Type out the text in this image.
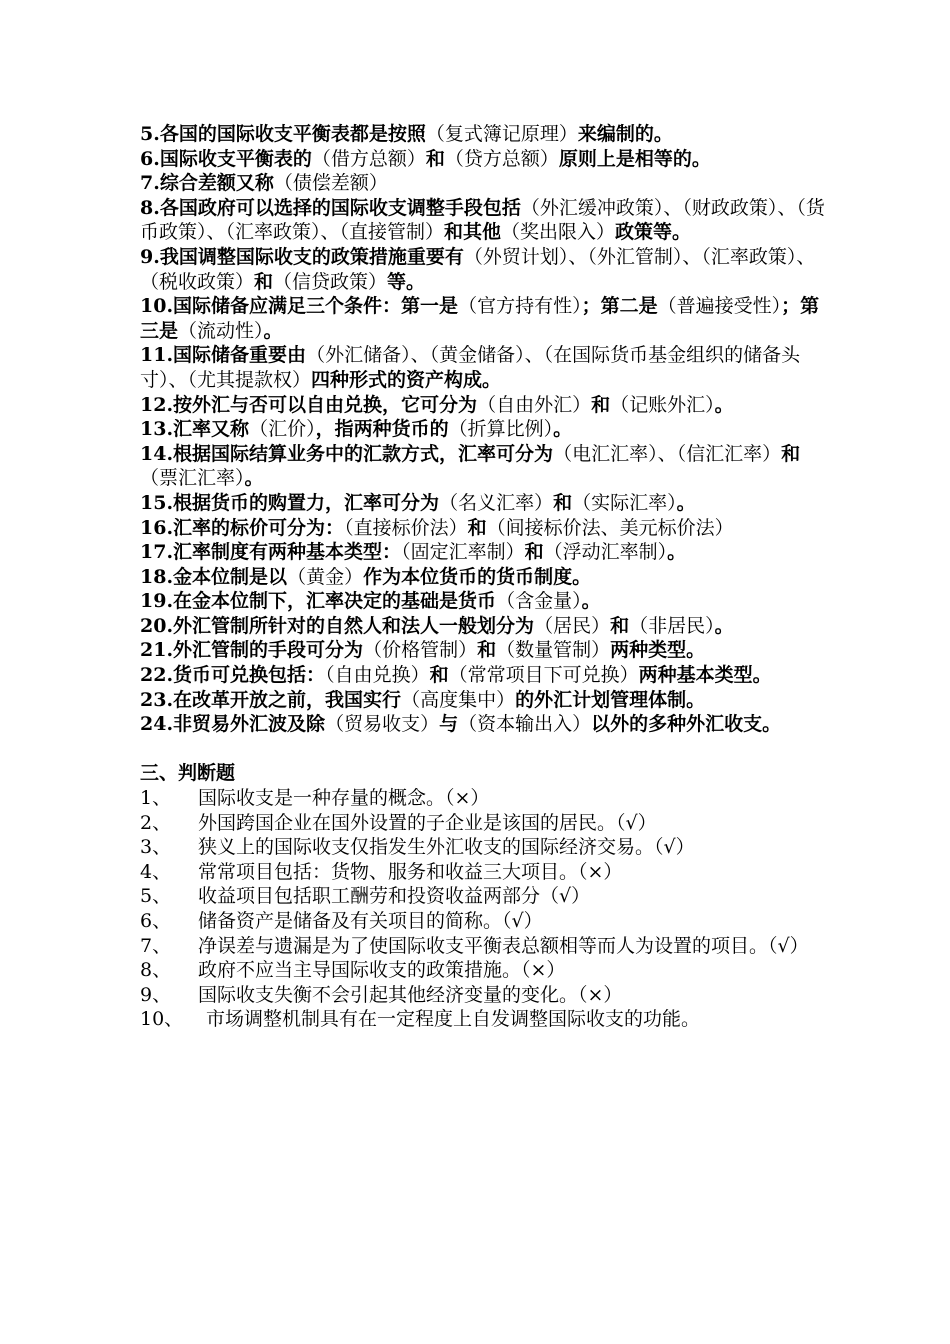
5.各国的国际收支平衡表都是按照（复式簿记原理）来编制的。

6.国际收支平衡表的（借方总额）和（贷方总额）原则上是相等的。

7.综合差额又称（债偿差额）

8.各国政府可以选择的国际收支调整手段包括（外汇缓冲政策）、（财政政策）、（货币政策）、（汇率政策）、（直接管制）和其他（奖出限入）政策等。

9.我国调整国际收支的政策措施重要有（外贸计划）、（外汇管制）、（汇率政策）、（税收政策）和（信贷政策）等。

10.国际储备应满足三个条件：第一是（官方持有性）；第二是（普遍接受性）；第三是（流动性）。

11.国际储备重要由（外汇储备）、（黄金储备）、（在国际货币基金组织的储备头寸）、（尤其提款权）四种形式的资产构成。

12.按外汇与否可以自由兑换，它可分为（自由外汇）和（记账外汇）。

13.汇率又称（汇价），指两种货币的（折算比例）。

14.根据国际结算业务中的汇款方式，汇率可分为（电汇汇率）、（信汇汇率）和（票汇汇率）。

15.根据货币的购置力，汇率可分为（名义汇率）和（实际汇率）。

16.汇率的标价可分为：（直接标价法）和（间接标价法、美元标价法）

17.汇率制度有两种基本类型：（固定汇率制）和（浮动汇率制）。

18.金本位制是以（黄金）作为本位货币的货币制度。

19.在金本位制下，汇率决定的基础是货币（含金量）。

20.外汇管制所针对的自然人和法人一般划分为（居民）和（非居民）。

21.外汇管制的手段可分为（价格管制）和（数量管制）两种类型。

22.货币可兑换包括：（自由兑换）和（常常项目下可兑换）两种基本类型。

23.在改革开放之前，我国实行（高度集中）的外汇计划管理体制。

24.非贸易外汇波及除（贸易收支）与（资本输出入）以外的多种外汇收支。

三、判断题

1、 国际收支是一种存量的概念。（×）

2、 外国跨国企业在国外设置的子企业是该国的居民。（√）

3、 狭义上的国际收支仅指发生外汇收支的国际经济交易。（√）

4、 常常项目包括：货物、服务和收益三大项目。（×）

5、 收益项目包括职工酬劳和投资收益两部分（√）

6、 储备资产是储备及有关项目的简称。（√）

7、 净误差与遗漏是为了使国际收支平衡表总额相等而人为设置的项目。（√）

8、 政府不应当主导国际收支的政策措施。（×）

9、 国际收支失衡不会引起其他经济变量的变化。（×）

10、 市场调整机制具有在一定程度上自发调整国际收支的功能。
